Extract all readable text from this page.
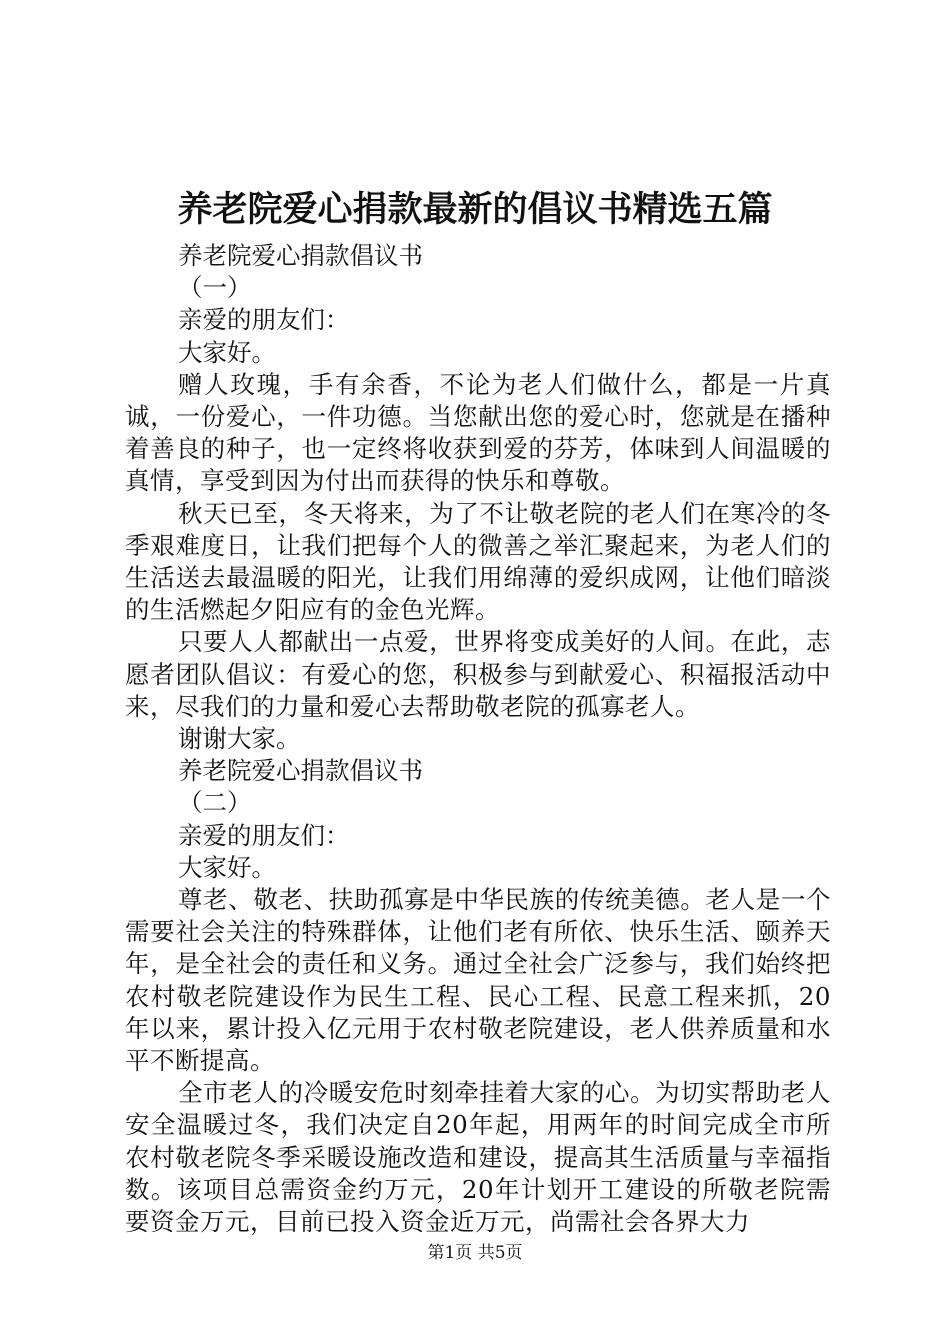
养老院爱心捐款最新的倡议书精选五篇

养老院爱心捐款倡议书

（一）

亲爱的朋友们：

大家好。

赠人玫瑰，手有余香，不论为老人们做什么，都是一片真诚，一份爱心，一件功德。当您献出您的爱心时，您就是在播种着善良的种子，也一定终将收获到爱的芬芳，体味到人间温暖的真情，享受到因为付出而获得的快乐和尊敬。

秋天已至，冬天将来，为了不让敬老院的老人们在寒冷的冬季艰难度日，让我们把每个人的微善之举汇聚起来，为老人们的生活送去最温暖的阳光，让我们用绵薄的爱织成网，让他们暗淡的生活燃起夕阳应有的金色光辉。

只要人人都献出一点爱，世界将变成美好的人间。在此，志愿者团队倡议：有爱心的您，积极参与到献爱心、积福报活动中来，尽我们的力量和爱心去帮助敬老院的孤寡老人。

谢谢大家。

养老院爱心捐款倡议书

（二）

亲爱的朋友们：

大家好。

尊老、敬老、扶助孤寡是中华民族的传统美德。老人是一个需要社会关注的特殊群体，让他们老有所依、快乐生活、颐养天年，是全社会的责任和义务。通过全社会广泛参与，我们始终把农村敬老院建设作为民生工程、民心工程、民意工程来抓，20年以来，累计投入亿元用于农村敬老院建设，老人供养质量和水平不断提高。

全市老人的冷暖安危时刻牵挂着大家的心。为切实帮助老人安全温暖过冬，我们决定自20年起，用两年的时间完成全市所农村敬老院冬季采暖设施改造和建设，提高其生活质量与幸福指数。该项目总需资金约万元，20年计划开工建设的所敬老院需要资金万元，目前已投入资金近万元，尚需社会各界大力

第1页 共5页
